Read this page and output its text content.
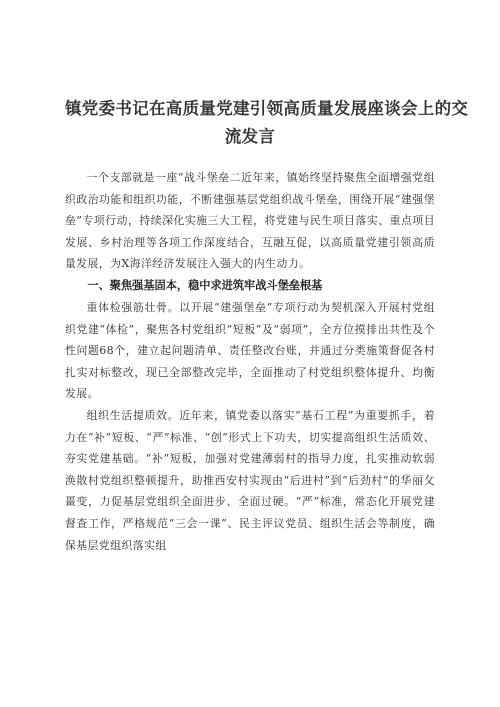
镇党委书记在高质量党建引领高质量发展座谈会上的交
流发言

一个支部就是一座“战斗堡垒二近年来，镇始终坚持聚焦全面增强党组织政治功能和组织功能，不断建强基层党组织战斗堡垒，围绕开展“建强堡垒”专项行动，持续深化实施三大工程，将党建与民生项目落实、重点项目发展、乡村治理等各项工作深度结合，互融互促，以高质量党建引领高质量发展，为X海洋经济发展注入强大的内生动力。

一、聚焦强基固本，稳中求进筑牢战斗堡垒根基

重体检强筋壮骨。以开展“建强堡垒”专项行动为契机深入开展村党组织党建“体检”，聚焦各村党组织“短板”及“弱项”，全方位摸排出共性及个性问题68个，建立起问题清单、责任整改台账，并通过分类施策督促各村扎实对标整改，现已全部整改完毕，全面推动了村党组织整体提升、均衡发展。

组织生活提质效。近年来，镇党委以落实“基石工程”为重要抓手，着力在“补”短板、“严”标准、“创”形式上下功夫，切实提高组织生活质效、夯实党建基础。“补”短板，加强对党建薄弱村的指导力度，扎实推动软弱涣散村党组织整顿提升，助推西安村实现由“后进村”到“后劲村”的华丽攵畺变，力促基层党组织全面进步、全面过硬。“严”标准，常态化开展党建督查工作，严格规范“三会一课”、民主评议党员、组织生活会等制度，确保基层党组织落实组
